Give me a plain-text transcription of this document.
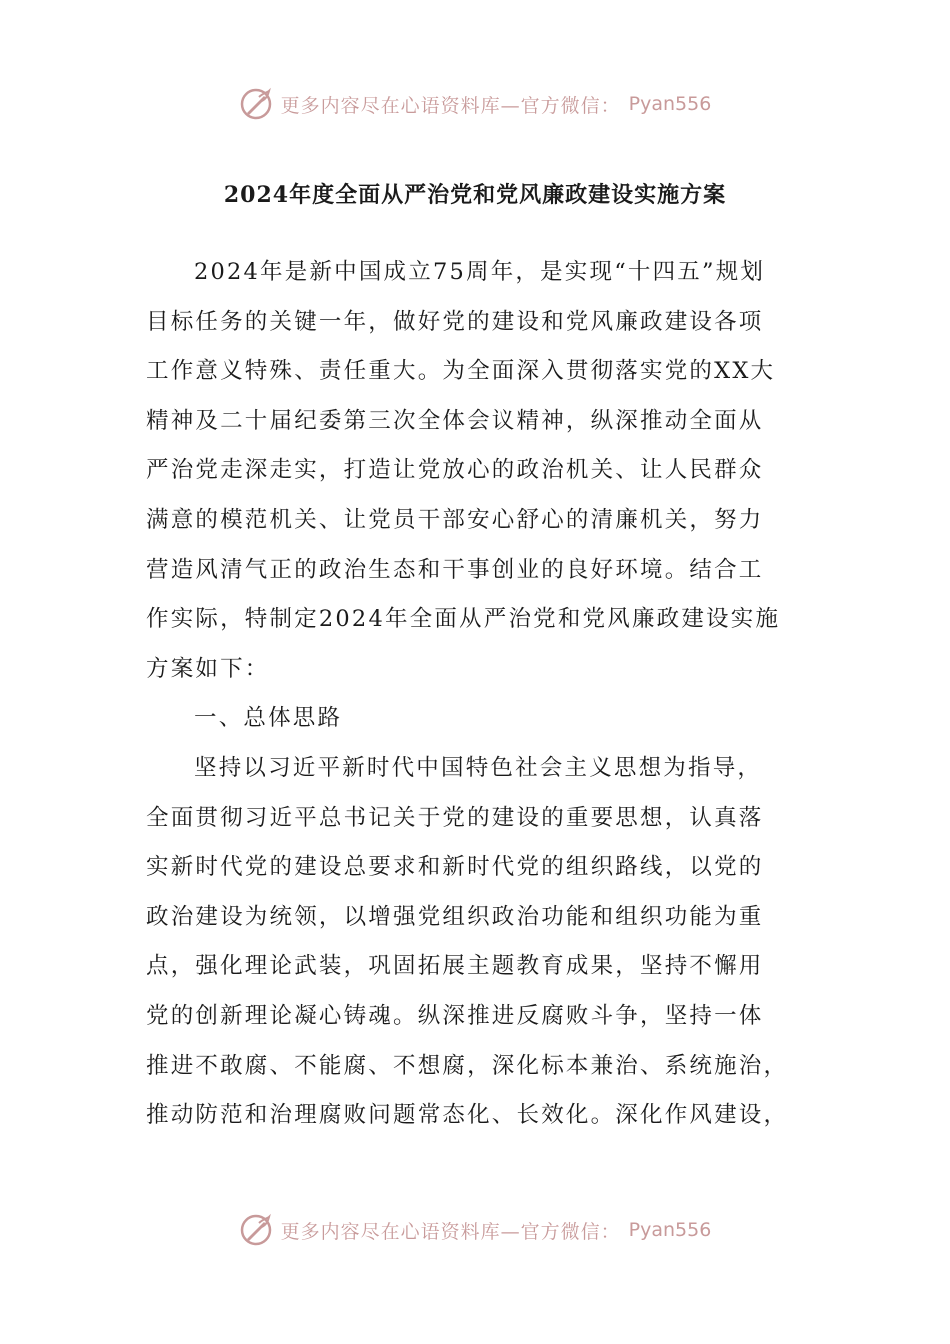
更多内容尽在心语资料库—官方微信： Pyan556
2024年度全面从严治党和党风廉政建设实施方案
2024年是新中国成立75周年，是实现“十四五”规划
目标任务的关键一年，做好党的建设和党风廉政建设各项
工作意义特殊、责任重大。为全面深入贯彻落实党的XX大
精神及二十届纪委第三次全体会议精神，纵深推动全面从
严治党走深走实，打造让党放心的政治机关、让人民群众
满意的模范机关、让党员干部安心舒心的清廉机关，努力
营造风清气正的政治生态和干事创业的良好环境。结合工
作实际，特制定2024年全面从严治党和党风廉政建设实施
方案如下：
一、总体思路
坚持以习近平新时代中国特色社会主义思想为指导，
全面贯彻习近平总书记关于党的建设的重要思想，认真落
实新时代党的建设总要求和新时代党的组织路线，以党的
政治建设为统领，以增强党组织政治功能和组织功能为重
点，强化理论武装，巩固拓展主题教育成果，坚持不懈用
党的创新理论凝心铸魂。纵深推进反腐败斗争，坚持一体
推进不敢腐、不能腐、不想腐，深化标本兼治、系统施治，
推动防范和治理腐败问题常态化、长效化。深化作风建设，
更多内容尽在心语资料库—官方微信： Pyan556
